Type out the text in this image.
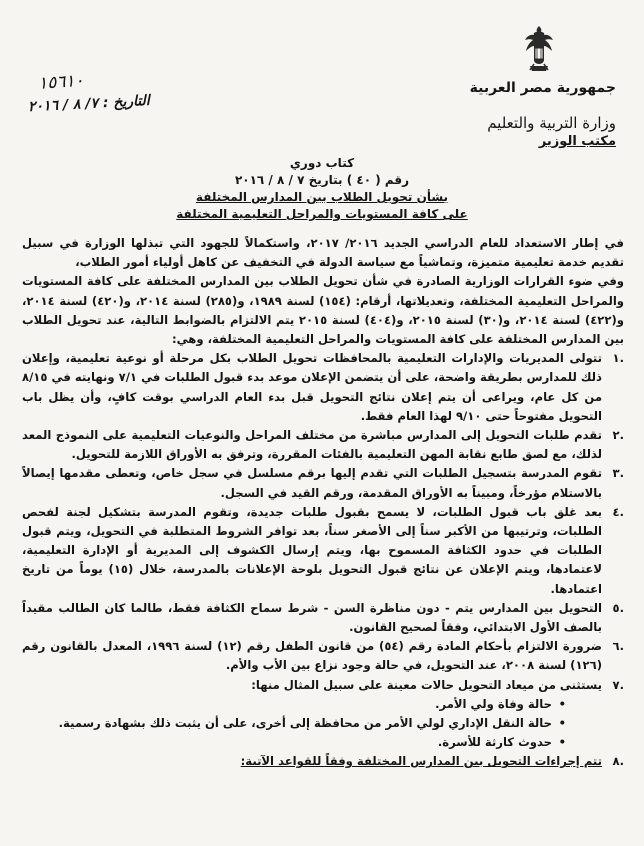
جمهورية مصر العربية
وزارة التربية والتعليم
مكتب الوزير
١٥٦١٠
التاريخ : ٧/ ٨ / ٢٠١٦
كتاب دوري
رقم ( ٤٠ ) بتاريخ ٧ / ٨ / ٢٠١٦
بشأن تحويل الطلاب بين المدارس المختلفة
على كافة المستويات والمراحل التعليمية المختلفة

في إطار الاستعداد للعام الدراسي الجديد ٢٠١٦/ ٢٠١٧، واستكمالاً للجهود التي تبذلها الوزارة في سبيل تقديم خدمة تعليمية متميزة، وتماشياً مع سياسة الدولة في التخفيف عن كاهل أولياء أمور الطلاب،

وفي ضوء القرارات الوزارية الصادرة في شأن تحويل الطلاب بين المدارس المختلفة على كافة المستويات والمراحل التعليمية المختلفة، وتعديلاتها، أرقام: (١٥٤) لسنة ١٩٨٩، و(٢٨٥) لسنة ٢٠١٤، و(٤٢٠) لسنة ٢٠١٤، و(٤٢٢) لسنة ٢٠١٤، و(٣٠) لسنة ٢٠١٥، و(٤٠٤) لسنة ٢٠١٥ يتم الالتزام بالضوابط التالية، عند تحويل الطلاب بين المدارس المختلفة على كافة المستويات والمراحل التعليمية المختلفة، وهي:

.١
تتولى المديريات والإدارات التعليمية بالمحافظات تحويل الطلاب بكل مرحلة أو نوعية تعليمية، وإعلان ذلك للمدارس بطريقة واضحة، على أن يتضمن الإعلان موعد بدء قبول الطلبات في ٧/١ ونهايته في ٨/١٥ من كل عام، ويراعى أن يتم إعلان نتائج التحويل قبل بدء العام الدراسي بوقت كافٍ، وأن يظل باب التحويل مفتوحاً حتى ٩/١٠ لهذا العام فقط.
.٢
تقدم طلبات التحويل إلى المدارس مباشرة من مختلف المراحل والنوعيات التعليمية على النموذج المعد لذلك، مع لصق طابع نقابة المهن التعليمية بالفئات المقررة، وترفق به الأوراق اللازمة للتحويل.
.٣
تقوم المدرسة بتسجيل الطلبات التي تقدم إليها برقم مسلسل في سجل خاص، وتعطى مقدمها إيصالاً بالاستلام مؤرخاً، ومبيناً به الأوراق المقدمة، ورقم القيد في السجل.
.٤
بعد غلق باب قبول الطلبات، لا يسمح بقبول طلبات جديدة، وتقوم المدرسة بتشكيل لجنة لفحص الطلبات، وترتيبها من الأكبر سناً إلى الأصغر سناً، بعد توافر الشروط المتطلبة في التحويل، ويتم قبول الطلبات في حدود الكثافة المسموح بها، ويتم إرسال الكشوف إلى المديرية أو الإدارة التعليمية، لاعتمادها، ويتم الإعلان عن نتائج قبول التحويل بلوحة الإعلانات بالمدرسة، خلال (١٥) يوماً من تاريخ اعتمادها.
.٥
التحويل بين المدارس يتم - دون مناظرة السن - شرط سماح الكثافة فقط، طالما كان الطالب مقيداً بالصف الأول الابتدائي، وفقاً لصحيح القانون.
.٦
ضرورة الالتزام بأحكام المادة رقم (٥٤) من قانون الطفل رقم (١٢) لسنة ١٩٩٦، المعدل بالقانون رقم (١٢٦) لسنة ٢٠٠٨، عند التحويل، في حالة وجود نزاع بين الأب والأم.
.٧
يستثنى من ميعاد التحويل حالات معينة على سبيل المثال منها:
• حالة وفاة ولي الأمر.
• حالة النقل الإداري لولي الأمر من محافظة إلى أخرى، على أن يثبت ذلك بشهادة رسمية.
• حدوث كارثة للأسرة.
.٨
تتم إجراءات التحويل بين المدارس المختلفة وفقاً للقواعد الآتية:
